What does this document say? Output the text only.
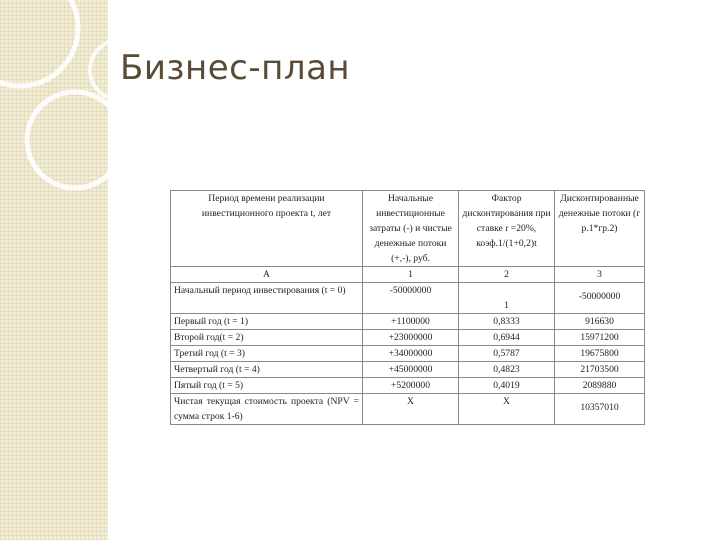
Бизнес-план
Период времени реализации инвестиционного проекта t, лет	Начальные инвестиционные затраты (-) и чистые денежные потоки (+,-), руб.	Фактор дисконтирования при ставке r =20%, коэф.1/(1+0,2)t	Дисконтированные денежные потоки (гр.1*гр.2)
А	1	2	3
Начальный период инвестирования (t = 0)	-50000000	1	-50000000
Первый год (t = 1)	+1100000	0,8333	916630
Второй год(t = 2)	+23000000	0,6944	15971200
Третий год (t = 3)	+34000000	0,5787	19675800
Четвертый год (t = 4)	+45000000	0,4823	21703500
Пятый год (t = 5)	+5200000	0,4019	2089880
Чистая текущая стоимость проекта (NPV = сумма строк 1-6)	Х	Х	10357010
